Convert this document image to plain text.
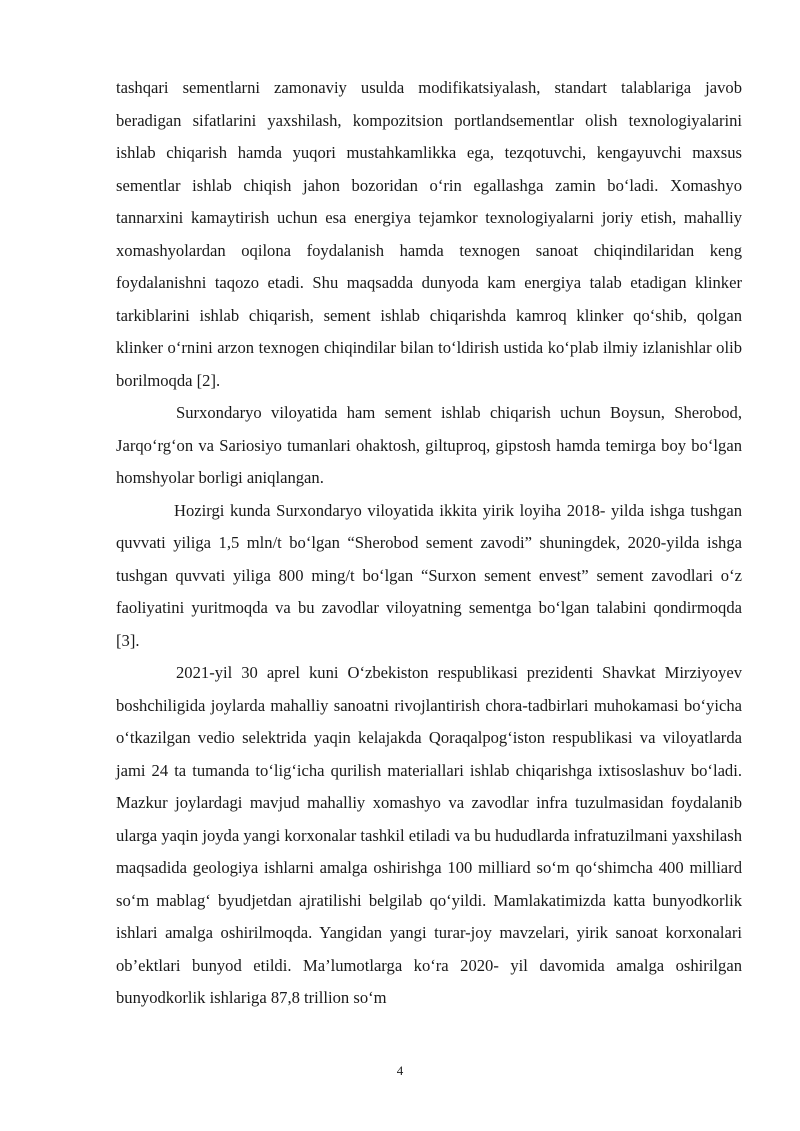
tashqari sementlarni zamonaviy usulda modifikatsiyalash, standart talablariga javob beradigan sifatlarini yaxshilash, kompozitsion portlandsementlar olish texnologiyalarini ishlab chiqarish hamda yuqori mustahkamlikka ega, tezqotuvchi, kengayuvchi maxsus sementlar ishlab chiqish jahon bozoridan o‘rin egallashga zamin bo‘ladi. Xomashyo tannarxini kamaytirish uchun esa energiya tejamkor texnologiyalarni joriy etish, mahalliy xomashyolardan oqilona foydalanish hamda texnogen sanoat chiqindilaridan keng foydalanishni taqozo etadi. Shu maqsadda dunyoda kam energiya talab etadigan klinker tarkiblarini ishlab chiqarish, sement ishlab chiqarishda kamroq klinker qo‘shib, qolgan klinker o‘rnini arzon texnogen chiqindilar bilan to‘ldirish ustida ko‘plab ilmiy izlanishlar olib borilmoqda [2].

Surxondaryo viloyatida ham sement ishlab chiqarish uchun Boysun, Sherobod, Jarqo‘rg‘on va Sariosiyo tumanlari ohaktosh, giltuproq, gipstosh hamda temirga boy bo‘lgan homshyolar borligi aniqlangan.

Hozirgi kunda Surxondaryo viloyatida ikkita yirik loyiha 2018- yilda ishga tushgan quvvati yiliga 1,5 mln/t bo‘lgan “Sherobod sement zavodi” shuningdek, 2020-yilda ishga tushgan quvvati yiliga 800 ming/t bo‘lgan “Surxon sement envest” sement zavodlari o‘z faoliyatini yuritmoqda va bu zavodlar viloyatning sementga bo‘lgan talabini qondirmoqda [3].

2021-yil 30 aprel kuni O‘zbekiston respublikasi prezidenti Shavkat Mirziyoyev boshchiligida joylarda mahalliy sanoatni rivojlantirish chora-tadbirlari muhokamasi bo‘yicha o‘tkazilgan vedio selektrida yaqin kelajakda Qoraqalpog‘iston respublikasi va viloyatlarda jami 24 ta tumanda to‘lig‘icha qurilish materiallari ishlab chiqarishga ixtisoslashuv bo‘ladi. Mazkur joylardagi mavjud mahalliy xomashyo va zavodlar infra tuzulmasidan foydalanib ularga yaqin joyda yangi korxonalar tashkil etiladi va bu hududlarda infratuzilmani yaxshilash maqsadida geologiya ishlarni amalga oshirishga 100 milliard so‘m qo‘shimcha 400 milliard so‘m mablag‘ byudjetdan ajratilishi belgilab qo‘yildi. Mamlakatimizda katta bunyodkorlik ishlari amalga oshirilmoqda. Yangidan yangi turar-joy mavzelari, yirik sanoat korxonalari ob’ektlari bunyod etildi. Ma’lumotlarga ko‘ra 2020- yil davomida amalga oshirilgan bunyodkorlik ishlariga 87,8 trillion so‘m

4
